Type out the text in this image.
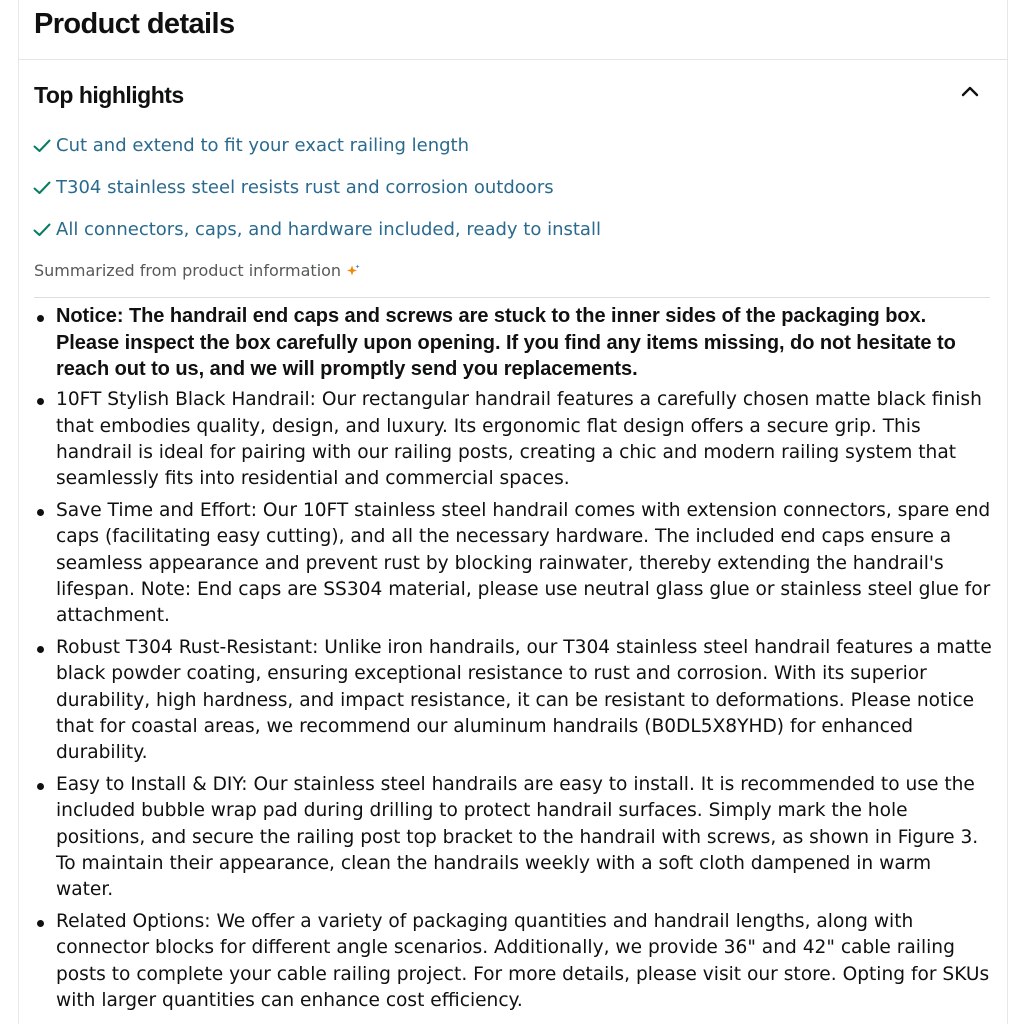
Product details
Top highlights
Cut and extend to fit your exact railing length
T304 stainless steel resists rust and corrosion outdoors
All connectors, caps, and hardware included, ready to install
Summarized from product information
Notice: The handrail end caps and screws are stuck to the inner sides of the packaging box. Please inspect the box carefully upon opening. If you find any items missing, do not hesitate to reach out to us, and we will promptly send you replacements.
10FT Stylish Black Handrail: Our rectangular handrail features a carefully chosen matte black finish that embodies quality, design, and luxury. Its ergonomic flat design offers a secure grip. This handrail is ideal for pairing with our railing posts, creating a chic and modern railing system that seamlessly fits into residential and commercial spaces.
Save Time and Effort: Our 10FT stainless steel handrail comes with extension connectors, spare end caps (facilitating easy cutting), and all the necessary hardware. The included end caps ensure a seamless appearance and prevent rust by blocking rainwater, thereby extending the handrail's lifespan. Note: End caps are SS304 material, please use neutral glass glue or stainless steel glue for attachment.
Robust T304 Rust-Resistant: Unlike iron handrails, our T304 stainless steel handrail features a matte black powder coating, ensuring exceptional resistance to rust and corrosion. With its superior durability, high hardness, and impact resistance, it can be resistant to deformations. Please notice that for coastal areas, we recommend our aluminum handrails (B0DL5X8YHD) for enhanced durability.
Easy to Install & DIY: Our stainless steel handrails are easy to install. It is recommended to use the included bubble wrap pad during drilling to protect handrail surfaces. Simply mark the hole positions, and secure the railing post top bracket to the handrail with screws, as shown in Figure 3. To maintain their appearance, clean the handrails weekly with a soft cloth dampened in warm water.
Related Options: We offer a variety of packaging quantities and handrail lengths, along with connector blocks for different angle scenarios. Additionally, we provide 36" and 42" cable railing posts to complete your cable railing project. For more details, please visit our store. Opting for SKUs with larger quantities can enhance cost efficiency.
